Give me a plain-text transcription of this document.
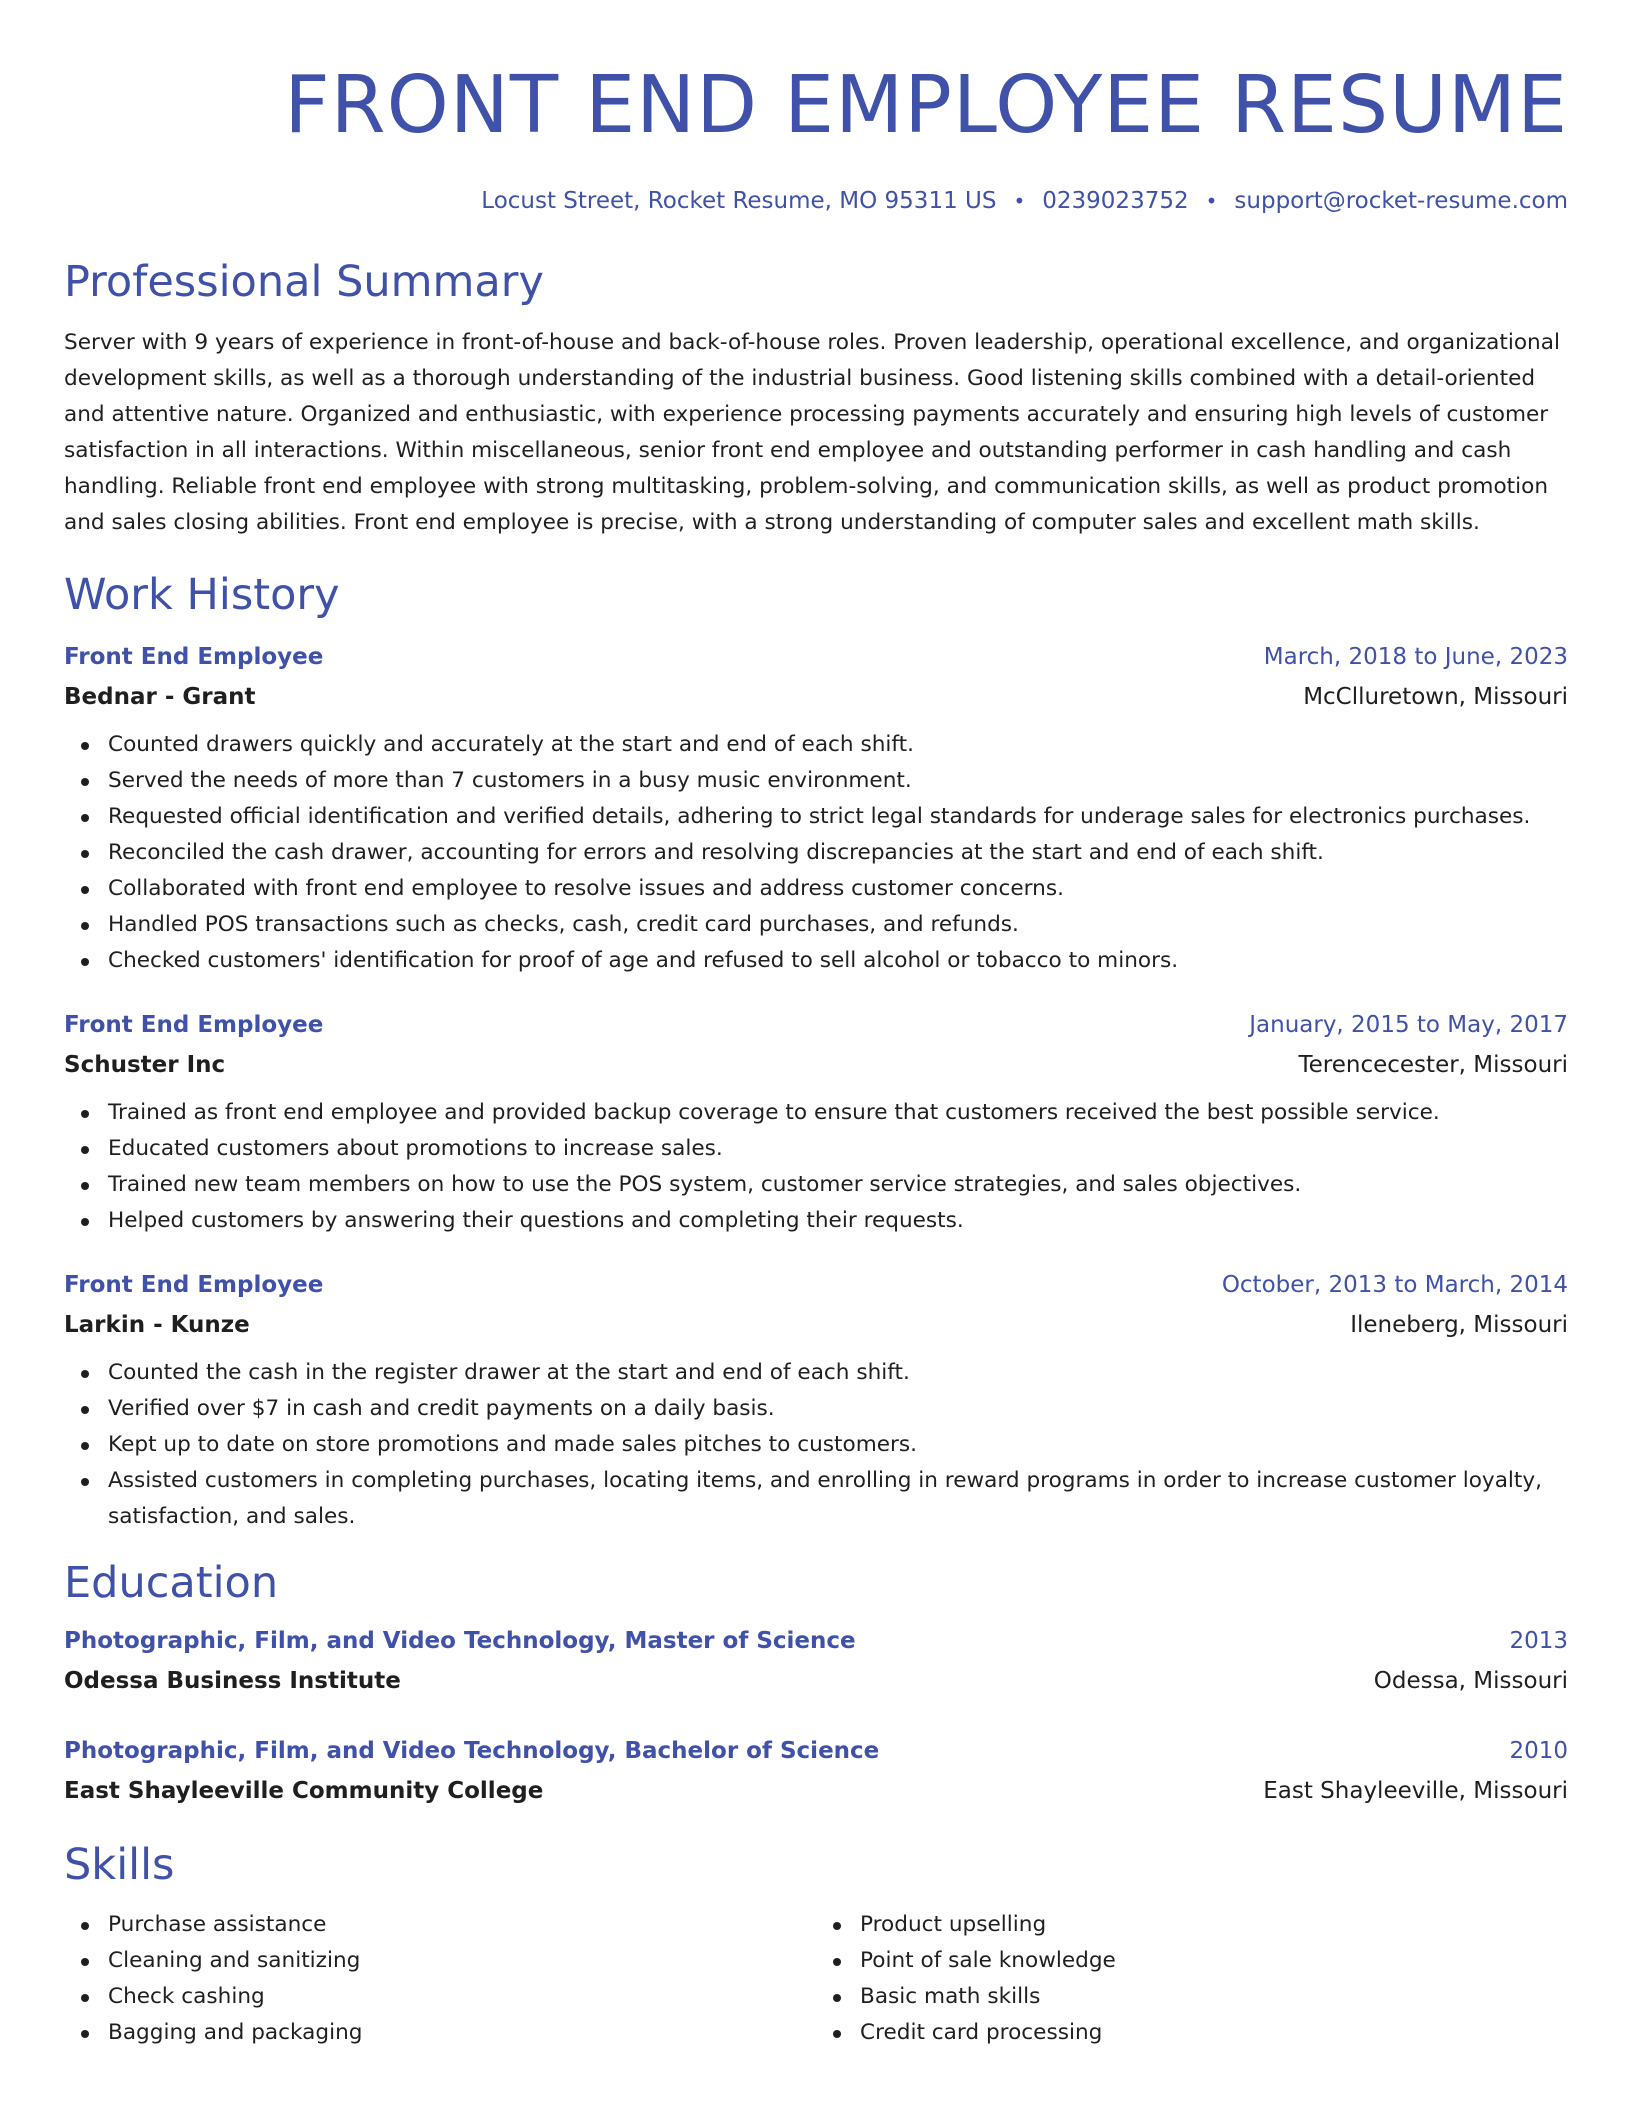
FRONT END EMPLOYEE RESUME
Locust Street, Rocket Resume, MO 95311 US • 0239023752 • support@rocket-resume.com
Professional Summary
Server with 9 years of experience in front-of-house and back-of-house roles. Proven leadership, operational excellence, and organizational development skills, as well as a thorough understanding of the industrial business. Good listening skills combined with a detail-oriented and attentive nature. Organized and enthusiastic, with experience processing payments accurately and ensuring high levels of customer satisfaction in all interactions. Within miscellaneous, senior front end employee and outstanding performer in cash handling and cash handling. Reliable front end employee with strong multitasking, problem-solving, and communication skills, as well as product promotion and sales closing abilities. Front end employee is precise, with a strong understanding of computer sales and excellent math skills.
Work History
Front End Employee	March, 2018 to June, 2023
Bednar - Grant	McClluretown, Missouri
Counted drawers quickly and accurately at the start and end of each shift.
Served the needs of more than 7 customers in a busy music environment.
Requested official identification and verified details, adhering to strict legal standards for underage sales for electronics purchases.
Reconciled the cash drawer, accounting for errors and resolving discrepancies at the start and end of each shift.
Collaborated with front end employee to resolve issues and address customer concerns.
Handled POS transactions such as checks, cash, credit card purchases, and refunds.
Checked customers' identification for proof of age and refused to sell alcohol or tobacco to minors.
Front End Employee	January, 2015 to May, 2017
Schuster Inc	Terencecester, Missouri
Trained as front end employee and provided backup coverage to ensure that customers received the best possible service.
Educated customers about promotions to increase sales.
Trained new team members on how to use the POS system, customer service strategies, and sales objectives.
Helped customers by answering their questions and completing their requests.
Front End Employee	October, 2013 to March, 2014
Larkin - Kunze	Ileneberg, Missouri
Counted the cash in the register drawer at the start and end of each shift.
Verified over $7 in cash and credit payments on a daily basis.
Kept up to date on store promotions and made sales pitches to customers.
Assisted customers in completing purchases, locating items, and enrolling in reward programs in order to increase customer loyalty, satisfaction, and sales.
Education
Photographic, Film, and Video Technology, Master of Science	2013
Odessa Business Institute	Odessa, Missouri
Photographic, Film, and Video Technology, Bachelor of Science	2010
East Shayleeville Community College	East Shayleeville, Missouri
Skills
Purchase assistance
Cleaning and sanitizing
Check cashing
Bagging and packaging
Product upselling
Point of sale knowledge
Basic math skills
Credit card processing
